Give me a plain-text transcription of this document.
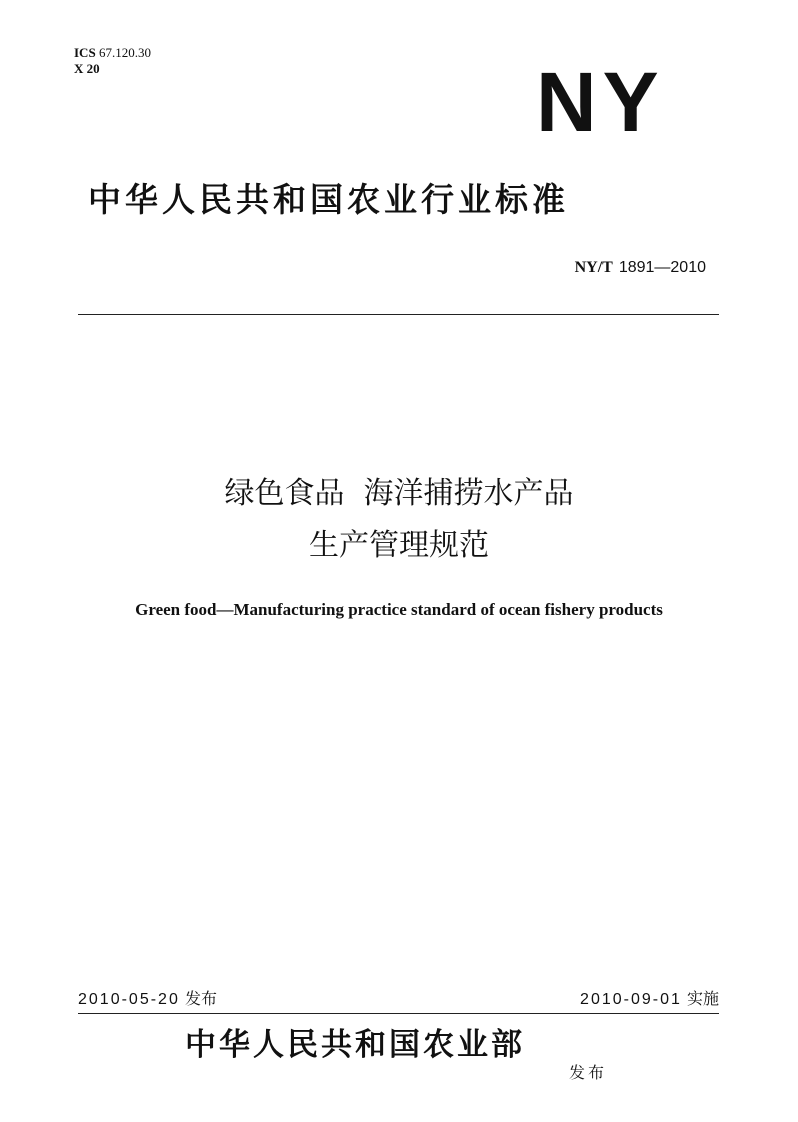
ICS 67.120.30
X 20	NY
中华人民共和国农业行业标准
NY/T 1891—2010
绿色食品  海洋捕捞水产品
生产管理规范
Green food—Manufacturing practice standard of ocean fishery products
2010-05-20 发布	2010-09-01 实施
中华人民共和国农业部
发布
